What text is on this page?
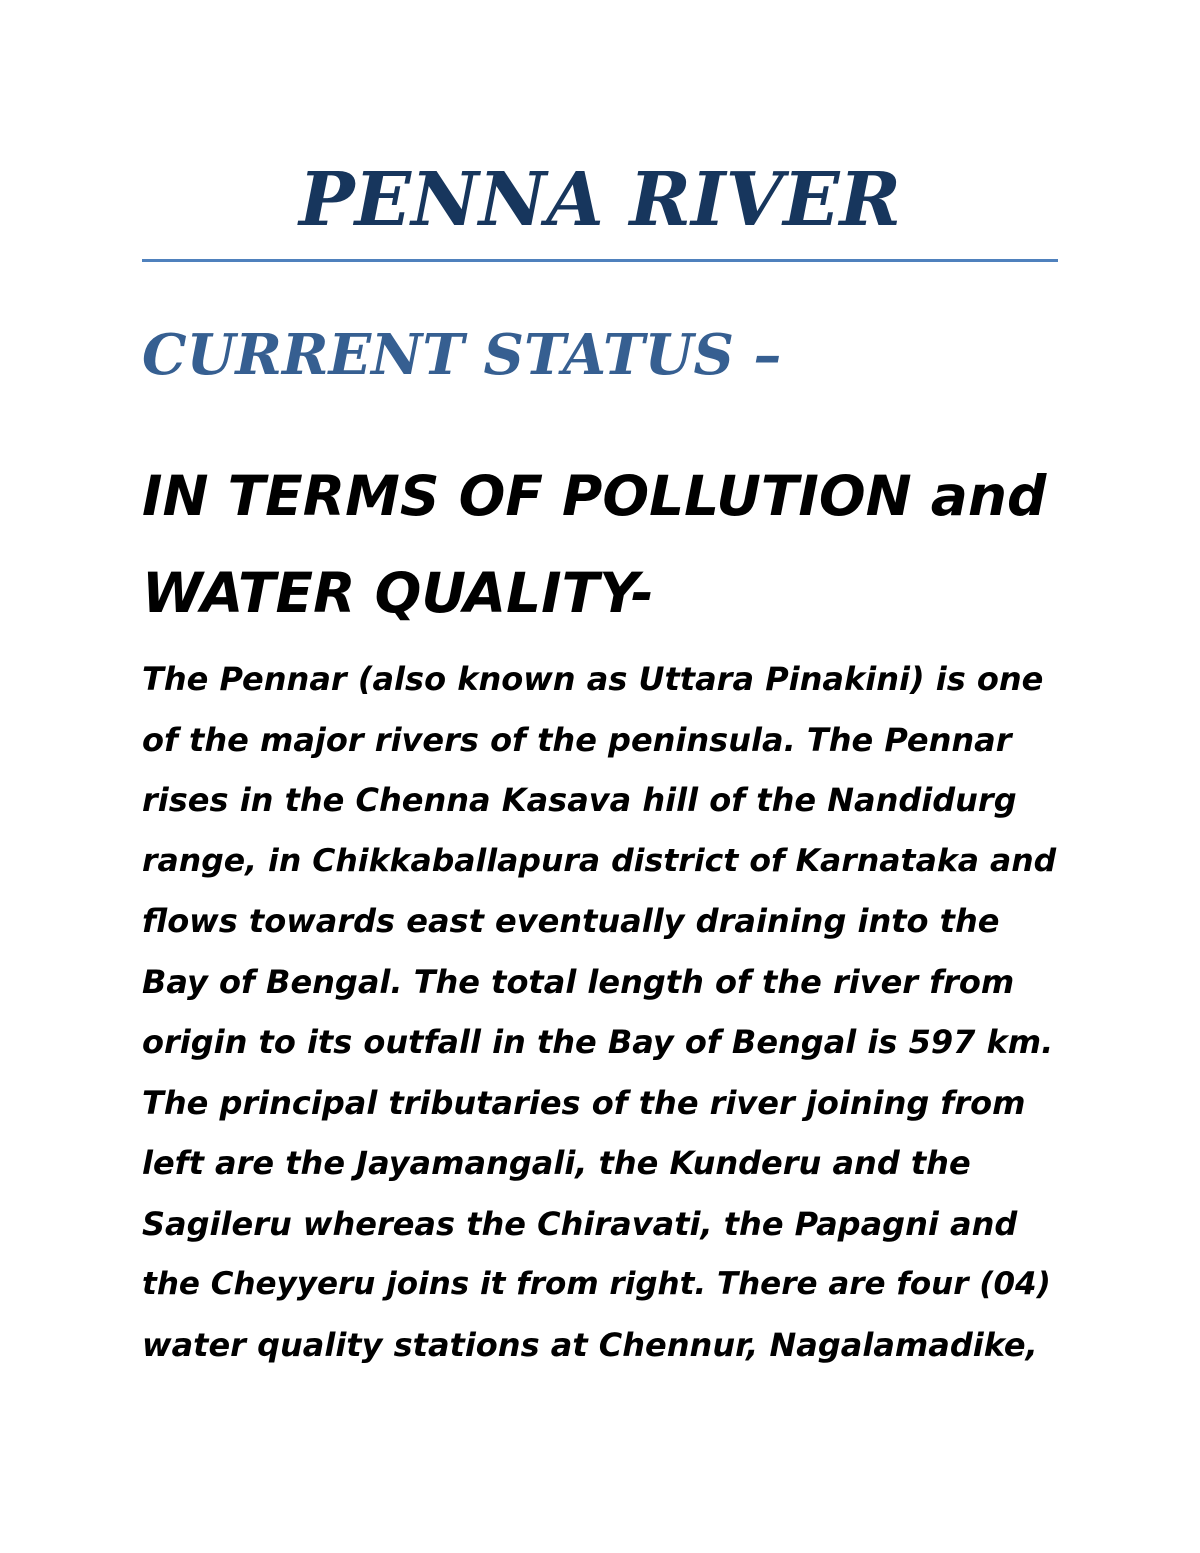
PENNA RIVER
CURRENT STATUS –
IN TERMS OF POLLUTION and
WATER QUALITY-

The Pennar (also known as Uttara Pinakini) is one
of the major rivers of the peninsula. The Pennar
rises in the Chenna Kasava hill of the Nandidurg
range, in Chikkaballapura district of Karnataka and
flows towards east eventually draining into the
Bay of Bengal. The total length of the river from
origin to its outfall in the Bay of Bengal is 597 km.
The principal tributaries of the river joining from
left are the Jayamangali, the Kunderu and the
Sagileru whereas the Chiravati, the Papagni and
the Cheyyeru joins it from right. There are four (04)
water quality stations at Chennur, Nagalamadike,
